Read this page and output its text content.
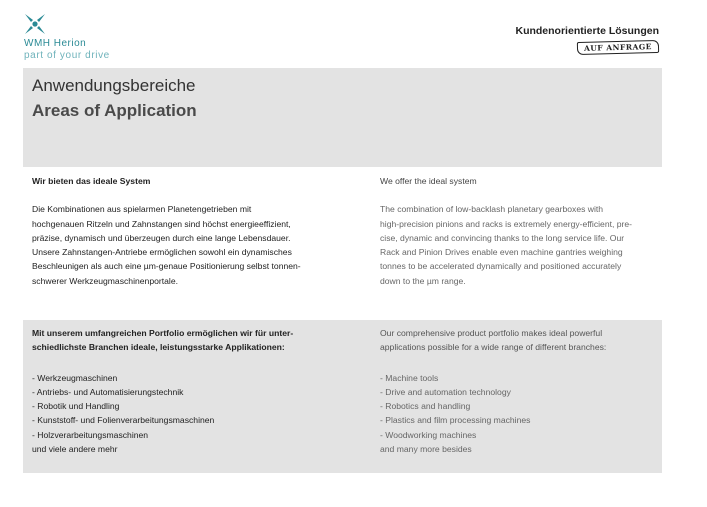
WMH Herion
part of your drive
Kundenorientierte Lösungen
AUF ANFRAGE
Anwendungsbereiche
Areas of Application
Wir bieten das ideale System
Die Kombinationen aus spielarmen Planetengetrieben mit
hochgenauen Ritzeln und Zahnstangen sind höchst energieeffizient,
präzise, dynamisch und überzeugen durch eine lange Lebensdauer.
Unsere Zahnstangen-Antriebe ermöglichen sowohl ein dynamisches
Beschleunigen als auch eine µm-genaue Positionierung selbst tonnen-
schwerer Werkzeugmaschinenportale.
We offer the ideal system
The combination of low-backlash planetary gearboxes with
high-precision pinions and racks is extremely energy-efficient, pre-
cise, dynamic and convincing thanks to the long service life. Our
Rack and Pinion Drives enable even machine gantries weighing
tonnes to be accelerated dynamically and positioned accurately
down to the µm range.
Mit unserem umfangreichen Portfolio ermöglichen wir für unter-
schiedlichste Branchen ideale, leistungsstarke Applikationen:
- Werkzeugmaschinen
- Antriebs- und Automatisierungstechnik
- Robotik und Handling
- Kunststoff- und Folienverarbeitungsmaschinen
- Holzverarbeitungsmaschinen
und viele andere mehr
Our comprehensive product portfolio makes ideal powerful
applications possible for a wide range of different branches:
- Machine tools
- Drive and automation technology
- Robotics and handling
- Plastics and film processing machines
- Woodworking machines
and many more besides
